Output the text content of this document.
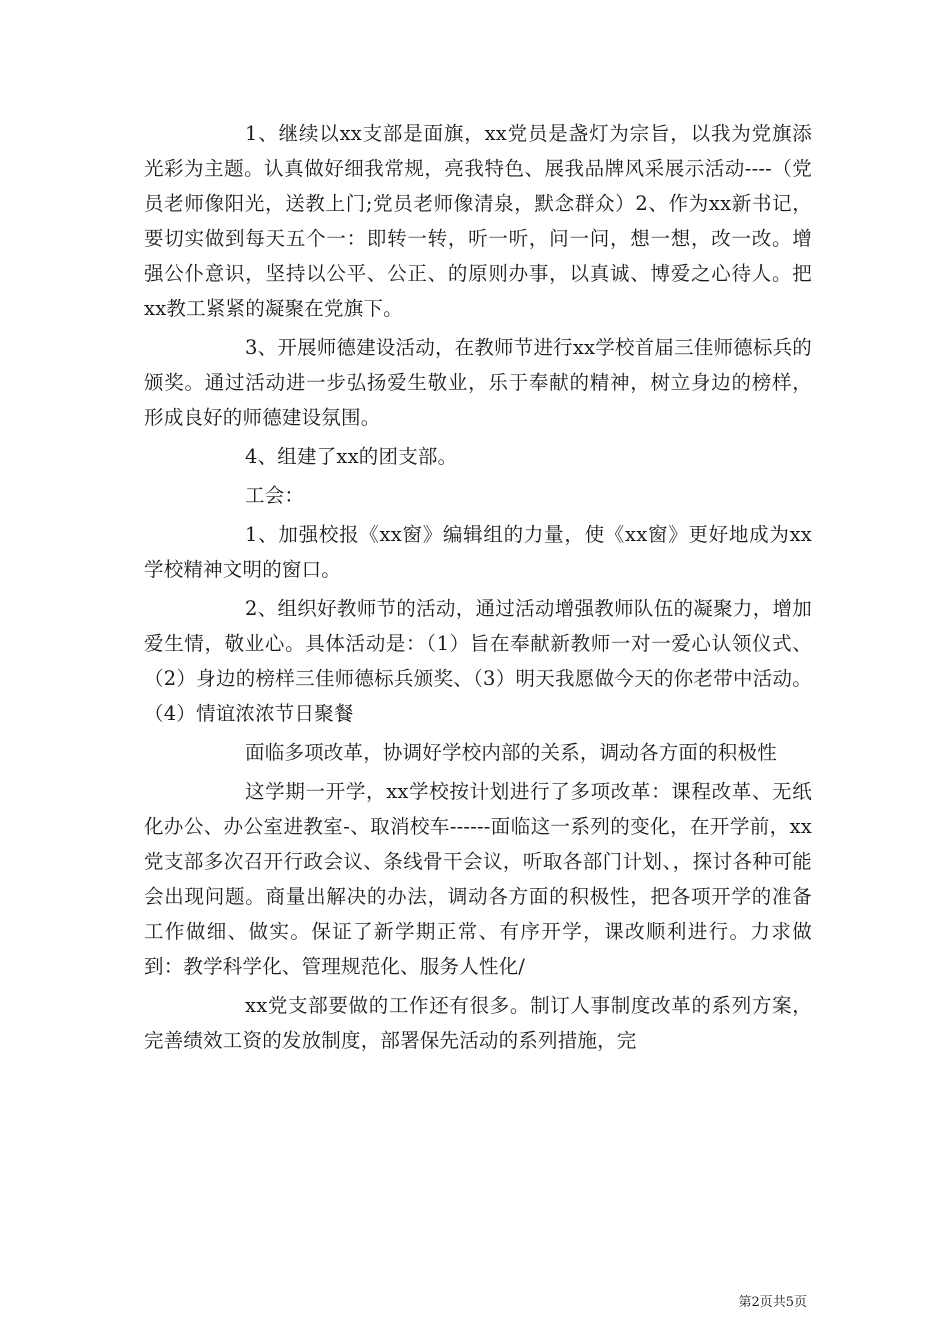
1、继续以xx支部是面旗，xx党员是盏灯为宗旨，以我为党旗添光彩为主题。认真做好细我常规，亮我特色、展我品牌风采展示活动----（党员老师像阳光，送教上门;党员老师像清泉，默念群众）2、作为xx新书记，要切实做到每天五个一：即转一转，听一听，问一问，想一想，改一改。增强公仆意识，坚持以公平、公正、的原则办事，以真诚、博爱之心待人。把xx教工紧紧的凝聚在党旗下。

3、开展师德建设活动，在教师节进行xx学校首届三佳师德标兵的颁奖。通过活动进一步弘扬爱生敬业，乐于奉献的精神，树立身边的榜样，形成良好的师德建设氛围。

4、组建了xx的团支部。

工会：

1、加强校报《xx窗》编辑组的力量，使《xx窗》更好地成为xx学校精神文明的窗口。

2、组织好教师节的活动，通过活动增强教师队伍的凝聚力，增加爱生情，敬业心。具体活动是：（1）旨在奉献新教师一对一爱心认领仪式、（2）身边的榜样三佳师德标兵颁奖、（3）明天我愿做今天的你老带中活动。（4）情谊浓浓节日聚餐

面临多项改革，协调好学校内部的关系，调动各方面的积极性

这学期一开学，xx学校按计划进行了多项改革：课程改革、无纸化办公、办公室进教室-、取消校车------面临这一系列的变化，在开学前，xx党支部多次召开行政会议、条线骨干会议，听取各部门计划、，探讨各种可能会出现问题。商量出解决的办法，调动各方面的积极性，把各项开学的准备工作做细、做实。保证了新学期正常、有序开学，课改顺利进行。力求做到：教学科学化、管理规范化、服务人性化/

xx党支部要做的工作还有很多。制订人事制度改革的系列方案，完善绩效工资的发放制度，部署保先活动的系列措施，完

第2页共5页
